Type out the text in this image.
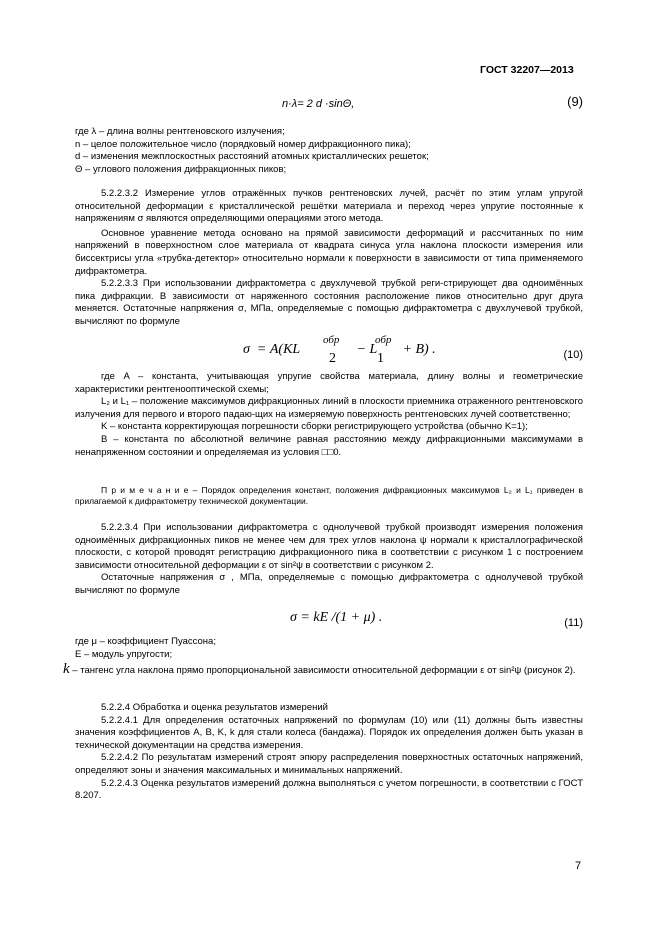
ГОСТ 32207—2013
n·λ= 2 d ·sinΘ,	(9)

где λ – длина волны рентгеновского излучения;

n – целое положительное число (порядковый номер дифракционного пика);

d – изменения межплоскостных расстояний атомных кристаллических решеток;

Θ – углового положения дифракционных пиков;

5.2.2.3.2 Измерение углов отражённых пучков рентгеновских лучей, расчёт по этим углам упругой относительной деформации ε кристаллической решётки материала и переход через упругие постоянные к напряжениям σ являются определяющими операциями этого метода.

Основное уравнение метода основано на прямой зависимости деформаций и рассчитанных по ним напряжений в поверхностном слое материала от квадрата синуса угла наклона плоскости измерения или биссектрисы угла «трубка-детектор» относительно нормали к поверхности в зависимости от типа применяемого дифрактометра.

5.2.2.3.3 При использовании дифрактометра с двухлучевой трубкой реги-стрирующет два одноимённых пика дифракции. В зависимости от наряженного состояния расположение пиков относительно друг друга меняется. Остаточные напряжения σ, МПа, определяемые с помощью дифрактометра с двухлучевой трубкой, вычисляют по формуле

σ  = A(KL
2
обр
− L
1
обр
+ B) .	(10)

где A – константа, учитывающая упругие свойства материала, длину волны и геометрические характеристики рентгенооптической схемы;

L₂ и L₁ – положение максимумов дифракционных линий в плоскости приемника отраженного рентгеновского излучения для первого и второго падаю-щих на измеряемую поверхность рентгеновских лучей соответственно;

K – константа корректирующая погрешности сборки регистрирующего устройства (обычно K=1);

B – константа по абсолютной величине равная расстоянию между дифракционными максимумами в ненапряженном состоянии и определяемая из условия □□0.

П р и м е ч а н и е – Порядок определения констант, положения дифракционных максимумов L₂ и L₁ приведен в прилагаемой к дифрактометру технической документации.

5.2.2.3.4 При использовании дифрактометра с однолучевой трубкой производят измерения положения одноимённых дифракционных пиков не менее чем для трех углов наклона ψ нормали к кристаллографической плоскости, с которой проводят регистрацию дифракционного пика в соответствии с рисунком 1 с построением зависимости относительной деформации ε от sin²ψ в соответствии с рисунком 2.

Остаточные напряжения σ , МПа, определяемые с помощью дифрактометра с однолучевой трубкой вычисляют по формуле

σ = kE /(1 + μ) .	(11)

где μ – коэффициент Пуассона;

E – модуль упругости;

k – тангенс угла наклона прямо пропорциональной зависимости относительной деформации ε от sin²ψ (рисунок 2).

5.2.2.4 Обработка и оценка результатов измерений

5.2.2.4.1 Для определения остаточных напряжений по формулам (10) или (11) должны быть известны значения коэффициентов A, B, K, k для стали колеса (бандажа). Порядок их определения должен быть указан в технической документации на средства измерения.

5.2.2.4.2 По результатам измерений строят эпюру распределения поверхностных остаточных напряжений, определяют зоны и значения максимальных и минимальных напряжений.

5.2.2.4.3 Оценка результатов измерений должна выполняться с учетом погрешности, в соответствии с ГОСТ 8.207.

7
